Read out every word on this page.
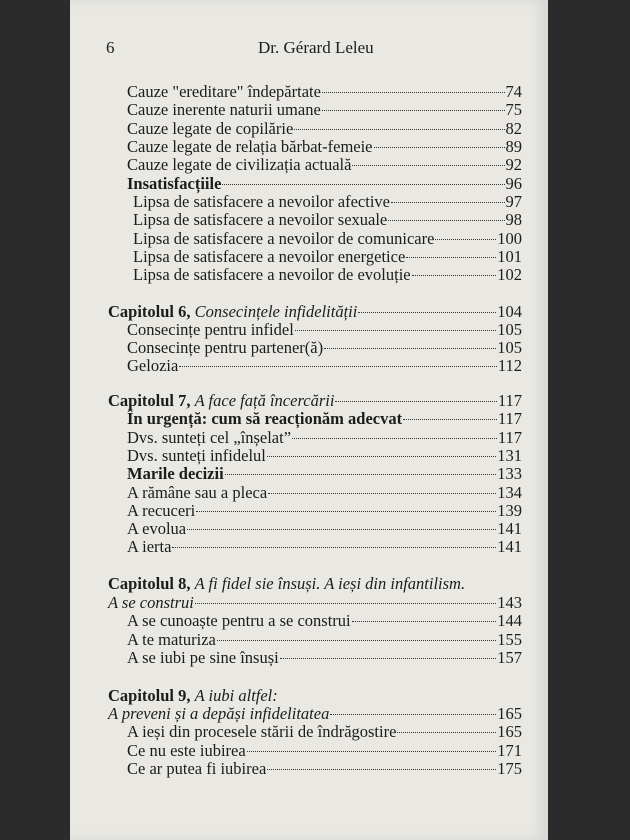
6	Dr. Gérard Leleu
Cauze "ereditare" îndepărtate	74
Cauze inerente naturii umane	75
Cauze legate de copilărie	82
Cauze legate de relația bărbat-femeie	89
Cauze legate de civilizația actuală	92
Insatisfacțiile	96
Lipsa de satisfacere a nevoilor afective	97
Lipsa de satisfacere a nevoilor sexuale	98
Lipsa de satisfacere a nevoilor de comunicare	100
Lipsa de satisfacere a nevoilor energetice	101
Lipsa de satisfacere a nevoilor de evoluție	102
Capitolul 6, Consecințele infidelității	104
Consecințe pentru infidel	105
Consecințe pentru partener(ă)	105
Gelozia	112
Capitolul 7, A face față încercării	117
În urgență: cum să reacționăm adecvat	117
Dvs. sunteți cel „înșelat”	117
Dvs. sunteți infidelul	131
Marile decizii	133
A rămâne sau a pleca	134
A recuceri	139
A evolua	141
A ierta	141
Capitolul 8, A fi fidel sie însuși. A ieși din infantilism.
A se construi	143
A se cunoaște pentru a se construi	144
A te maturiza	155
A se iubi pe sine însuși	157
Capitolul 9, A iubi altfel:
A preveni și a depăși infidelitatea	165
A ieși din procesele stării de îndrăgostire	165
Ce nu este iubirea	171
Ce ar putea fi iubirea	175
